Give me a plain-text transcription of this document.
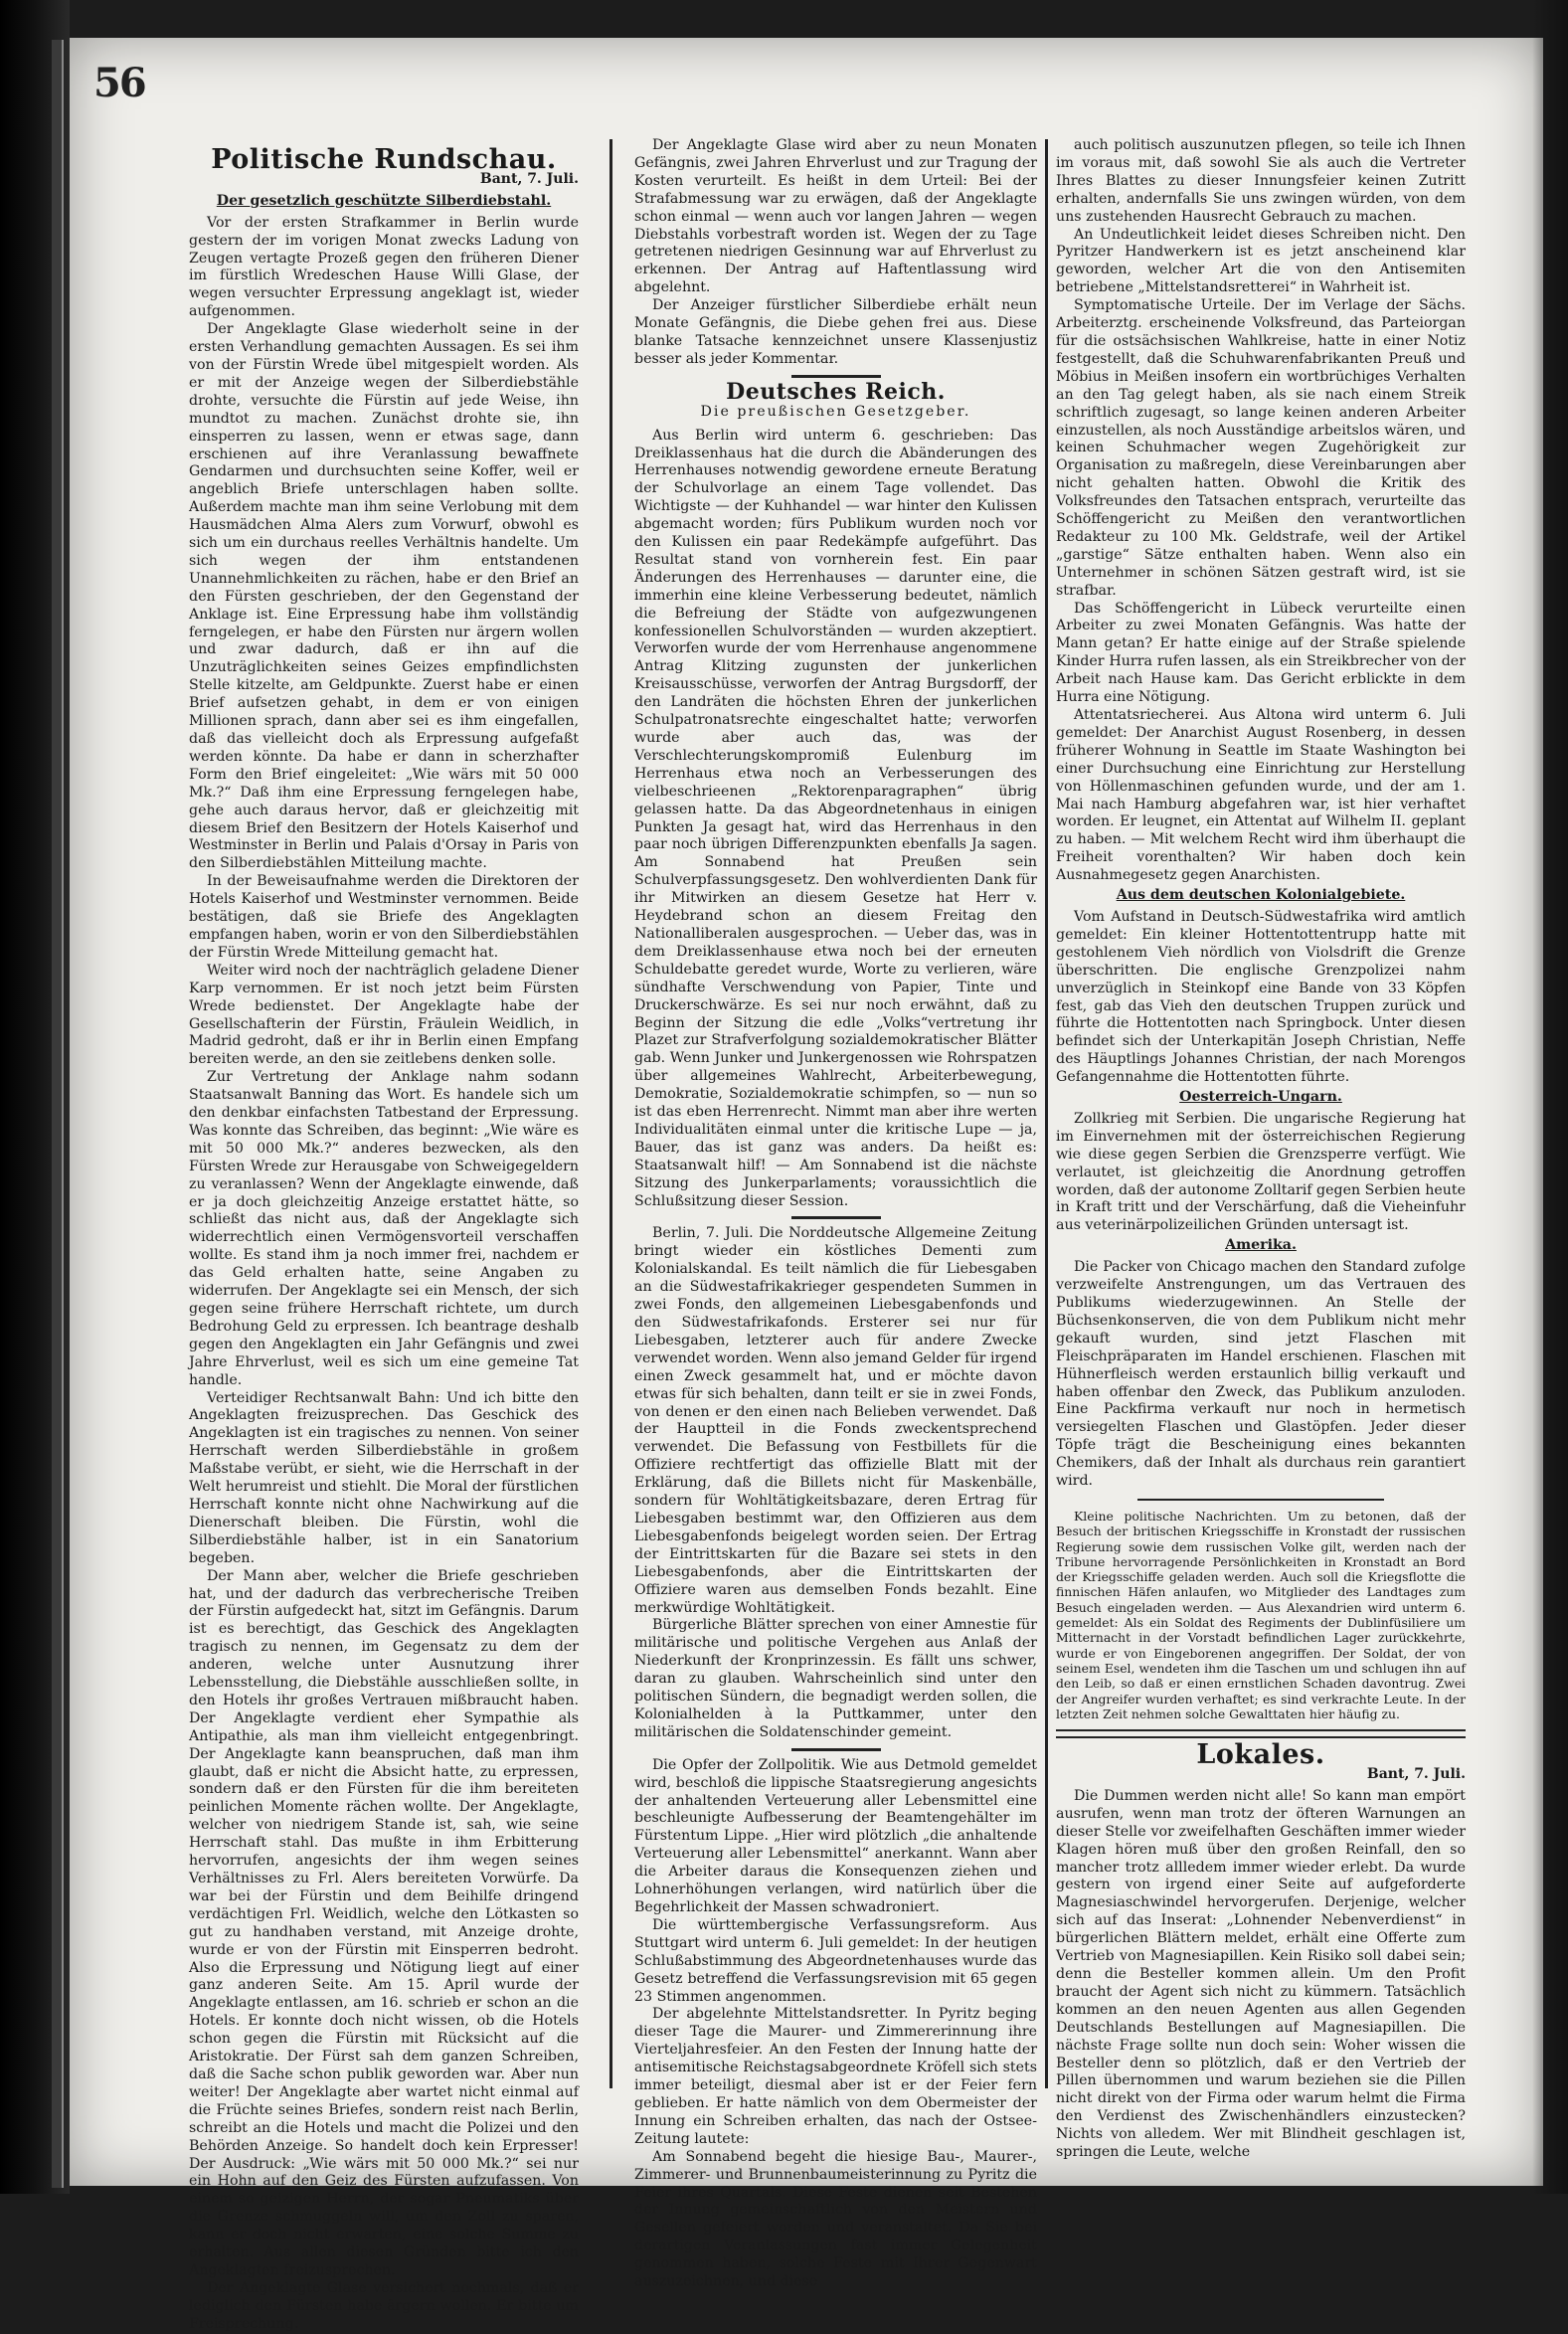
56
Politische Rundschau.
Bant, 7. Juli.
Der gesetzlich geschützte Silberdiebstahl.

Vor der ersten Strafkammer in Berlin wurde gestern der im vorigen Monat zwecks Ladung von Zeugen vertagte Prozeß gegen den früheren Diener im fürstlich Wredeschen Hause Willi Glase, der wegen versuchter Erpressung angeklagt ist, wieder aufgenommen.

Der Angeklagte Glase wiederholt seine in der ersten Verhandlung gemachten Aussagen. Es sei ihm von der Fürstin Wrede übel mitgespielt worden. Als er mit der Anzeige wegen der Silberdiebstähle drohte, versuchte die Fürstin auf jede Weise, ihn mundtot zu machen. Zunächst drohte sie, ihn einsperren zu lassen, wenn er etwas sage, dann erschienen auf ihre Veranlassung bewaffnete Gendarmen und durchsuchten seine Koffer, weil er angeblich Briefe unterschlagen haben sollte. Außerdem machte man ihm seine Verlobung mit dem Hausmädchen Alma Alers zum Vorwurf, obwohl es sich um ein durchaus reelles Verhältnis handelte. Um sich wegen der ihm entstandenen Unannehmlichkeiten zu rächen, habe er den Brief an den Fürsten geschrieben, der den Gegenstand der Anklage ist. Eine Erpressung habe ihm vollständig ferngelegen, er habe den Fürsten nur ärgern wollen und zwar dadurch, daß er ihn auf die Unzuträglichkeiten seines Geizes empfindlichsten Stelle kitzelte, am Geldpunkte. Zuerst habe er einen Brief aufsetzen gehabt, in dem er von einigen Millionen sprach, dann aber sei es ihm eingefallen, daß das vielleicht doch als Erpressung aufgefaßt werden könnte. Da habe er dann in scherzhafter Form den Brief eingeleitet: „Wie wärs mit 50 000 Mk.?“ Daß ihm eine Erpressung ferngelegen habe, gehe auch daraus hervor, daß er gleichzeitig mit diesem Brief den Besitzern der Hotels Kaiserhof und Westminster in Berlin und Palais d'Orsay in Paris von den Silberdiebstählen Mitteilung machte.

In der Beweisaufnahme werden die Direktoren der Hotels Kaiserhof und Westminster vernommen. Beide bestätigen, daß sie Briefe des Angeklagten empfangen haben, worin er von den Silberdiebstählen der Fürstin Wrede Mitteilung gemacht hat.

Weiter wird noch der nachträglich geladene Diener Karp vernommen. Er ist noch jetzt beim Fürsten Wrede bedienstet. Der Angeklagte habe der Gesellschafterin der Fürstin, Fräulein Weidlich, in Madrid gedroht, daß er ihr in Berlin einen Empfang bereiten werde, an den sie zeitlebens denken solle.

Zur Vertretung der Anklage nahm sodann Staatsanwalt Banning das Wort. Es handele sich um den denkbar einfachsten Tatbestand der Erpressung. Was konnte das Schreiben, das beginnt: „Wie wäre es mit 50 000 Mk.?“ anderes bezwecken, als den Fürsten Wrede zur Herausgabe von Schweigegeldern zu veranlassen? Wenn der Angeklagte einwende, daß er ja doch gleichzeitig Anzeige erstattet hätte, so schließt das nicht aus, daß der Angeklagte sich widerrechtlich einen Vermögensvorteil verschaffen wollte. Es stand ihm ja noch immer frei, nachdem er das Geld erhalten hatte, seine Angaben zu widerrufen. Der Angeklagte sei ein Mensch, der sich gegen seine frühere Herrschaft richtete, um durch Bedrohung Geld zu erpressen. Ich beantrage deshalb gegen den Angeklagten ein Jahr Gefängnis und zwei Jahre Ehrverlust, weil es sich um eine gemeine Tat handle.

Verteidiger Rechtsanwalt Bahn: Und ich bitte den Angeklagten freizusprechen. Das Geschick des Angeklagten ist ein tragisches zu nennen. Von seiner Herrschaft werden Silberdiebstähle in großem Maßstabe verübt, er sieht, wie die Herrschaft in der Welt herumreist und stiehlt. Die Moral der fürstlichen Herrschaft konnte nicht ohne Nachwirkung auf die Dienerschaft bleiben. Die Fürstin, wohl die Silberdiebstähle halber, ist in ein Sanatorium begeben.

Der Mann aber, welcher die Briefe geschrieben hat, und der dadurch das verbrecherische Treiben der Fürstin aufgedeckt hat, sitzt im Gefängnis. Darum ist es berechtigt, das Geschick des Angeklagten tragisch zu nennen, im Gegensatz zu dem der anderen, welche unter Ausnutzung ihrer Lebensstellung, die Diebstähle ausschließen sollte, in den Hotels ihr großes Vertrauen mißbraucht haben. Der Angeklagte verdient eher Sympathie als Antipathie, als man ihm vielleicht entgegenbringt. Der Angeklagte kann beanspruchen, daß man ihm glaubt, daß er nicht die Absicht hatte, zu erpressen, sondern daß er den Fürsten für die ihm bereiteten peinlichen Momente rächen wollte. Der Angeklagte, welcher von niedrigem Stande ist, sah, wie seine Herrschaft stahl. Das mußte in ihm Erbitterung hervorrufen, angesichts der ihm wegen seines Verhältnisses zu Frl. Alers bereiteten Vorwürfe. Da war bei der Fürstin und dem Beihilfe dringend verdächtigen Frl. Weidlich, welche den Lötkasten so gut zu handhaben verstand, mit Anzeige drohte, wurde er von der Fürstin mit Einsperren bedroht. Also die Erpressung und Nötigung liegt auf einer ganz anderen Seite. Am 15. April wurde der Angeklagte entlassen, am 16. schrieb er schon an die Hotels. Er konnte doch nicht wissen, ob die Hotels schon gegen die Fürstin mit Rücksicht auf die Aristokratie. Der Fürst sah dem ganzen Schreiben, daß die Sache schon publik geworden war. Aber nun weiter! Der Angeklagte aber wartet nicht einmal auf die Früchte seines Briefes, sondern reist nach Berlin, schreibt an die Hotels und macht die Polizei und den Behörden Anzeige. So handelt doch kein Erpresser! Der Ausdruck: „Wie wärs mit 50 000 Mk.?“ sei nur ein Hohn auf den Geiz des Fürsten aufzufassen. Von einem so geizigen Herrn, der sogar Pneumatiks über die Grenze schmuggeln will, um den Zoll zu sparen, kann er doch nicht erwarten, eine solche Summe zu erhalten. Aus allen diesen Gründen bitte ich den Angeklagten freizusprechen.

Der Angeklagte Glase versichert nochmals, daß er lediglich den Fürsten habe ärgern wollen. Er bitte um Freisprechung.

Der Angeklagte Glase wird aber zu neun Monaten Gefängnis, zwei Jahren Ehrverlust und zur Tragung der Kosten verurteilt. Es heißt in dem Urteil: Bei der Strafabmessung war zu erwägen, daß der Angeklagte schon einmal — wenn auch vor langen Jahren — wegen Diebstahls vorbestraft worden ist. Wegen der zu Tage getretenen niedrigen Gesinnung war auf Ehrverlust zu erkennen. Der Antrag auf Haftentlassung wird abgelehnt.

Der Anzeiger fürstlicher Silberdiebe erhält neun Monate Gefängnis, die Diebe gehen frei aus. Diese blanke Tatsache kennzeichnet unsere Klassenjustiz besser als jeder Kommentar.

Deutsches Reich.
Die preußischen Gesetzgeber.

Aus Berlin wird unterm 6. geschrieben: Das Dreiklassenhaus hat die durch die Abänderungen des Herrenhauses notwendig gewordene erneute Beratung der Schulvorlage an einem Tage vollendet. Das Wichtigste — der Kuhhandel — war hinter den Kulissen abgemacht worden; fürs Publikum wurden noch vor den Kulissen ein paar Redekämpfe aufgeführt. Das Resultat stand von vornherein fest. Ein paar Änderungen des Herrenhauses — darunter eine, die immerhin eine kleine Verbesserung bedeutet, nämlich die Befreiung der Städte von aufgezwungenen konfessionellen Schulvorständen — wurden akzeptiert. Verworfen wurde der vom Herrenhause angenommene Antrag Klitzing zugunsten der junkerlichen Kreisausschüsse, verworfen der Antrag Burgsdorff, der den Landräten die höchsten Ehren der junkerlichen Schulpatronatsrechte eingeschaltet hatte; verworfen wurde aber auch das, was der Verschlechterungskompromiß Eulenburg im Herrenhaus etwa noch an Verbesserungen des vielbeschrieenen „Rektorenparagraphen“ übrig gelassen hatte. Da das Abgeordnetenhaus in einigen Punkten Ja gesagt hat, wird das Herrenhaus in den paar noch übrigen Differenzpunkten ebenfalls Ja sagen. Am Sonnabend hat Preußen sein Schulverpfassungsgesetz. Den wohlverdienten Dank für ihr Mitwirken an diesem Gesetze hat Herr v. Heydebrand schon an diesem Freitag den Nationalliberalen ausgesprochen. — Ueber das, was in dem Dreiklassenhause etwa noch bei der erneuten Schuldebatte geredet wurde, Worte zu verlieren, wäre sündhafte Verschwendung von Papier, Tinte und Druckerschwärze. Es sei nur noch erwähnt, daß zu Beginn der Sitzung die edle „Volks“vertretung ihr Plazet zur Strafverfolgung sozialdemokratischer Blätter gab. Wenn Junker und Junkergenossen wie Rohrspatzen über allgemeines Wahlrecht, Arbeiterbewegung, Demokratie, Sozialdemokratie schimpfen, so — nun so ist das eben Herrenrecht. Nimmt man aber ihre werten Individualitäten einmal unter die kritische Lupe — ja, Bauer, das ist ganz was anders. Da heißt es: Staatsanwalt hilf! — Am Sonnabend ist die nächste Sitzung des Junkerparlaments; voraussichtlich die Schlußsitzung dieser Session.

Berlin, 7. Juli. Die Norddeutsche Allgemeine Zeitung bringt wieder ein köstliches Dementi zum Kolonialskandal. Es teilt nämlich die für Liebesgaben an die Südwestafrikakrieger gespendeten Summen in zwei Fonds, den allgemeinen Liebesgabenfonds und den Südwestafrikafonds. Ersterer sei nur für Liebesgaben, letzterer auch für andere Zwecke verwendet worden. Wenn also jemand Gelder für irgend einen Zweck gesammelt hat, und er möchte davon etwas für sich behalten, dann teilt er sie in zwei Fonds, von denen er den einen nach Belieben verwendet. Daß der Hauptteil in die Fonds zweckentsprechend verwendet. Die Befassung von Festbillets für die Offiziere rechtfertigt das offizielle Blatt mit der Erklärung, daß die Billets nicht für Maskenbälle, sondern für Wohltätigkeitsbazare, deren Ertrag für Liebesgaben bestimmt war, den Offizieren aus dem Liebesgabenfonds beigelegt worden seien. Der Ertrag der Eintrittskarten für die Bazare sei stets in den Liebesgabenfonds, aber die Eintrittskarten der Offiziere waren aus demselben Fonds bezahlt. Eine merkwürdige Wohltätigkeit.

Bürgerliche Blätter sprechen von einer Amnestie für militärische und politische Vergehen aus Anlaß der Niederkunft der Kronprinzessin. Es fällt uns schwer, daran zu glauben. Wahrscheinlich sind unter den politischen Sündern, die begnadigt werden sollen, die Kolonialhelden à la Puttkammer, unter den militärischen die Soldatenschinder gemeint.

Die Opfer der Zollpolitik. Wie aus Detmold gemeldet wird, beschloß die lippische Staatsregierung angesichts der anhaltenden Verteuerung aller Lebensmittel eine beschleunigte Aufbesserung der Beamtengehälter im Fürstentum Lippe. „Hier wird plötzlich „die anhaltende Verteuerung aller Lebensmittel“ anerkannt. Wann aber die Arbeiter daraus die Konsequenzen ziehen und Lohnerhöhungen verlangen, wird natürlich über die Begehrlichkeit der Massen schwadroniert.

Die württembergische Verfassungsreform. Aus Stuttgart wird unterm 6. Juli gemeldet: In der heutigen Schlußabstimmung des Abgeordnetenhauses wurde das Gesetz betreffend die Verfassungsrevision mit 65 gegen 23 Stimmen angenommen.

Der abgelehnte Mittelstandsretter. In Pyritz beging dieser Tage die Maurer- und Zimmererinnung ihre Vierteljahresfeier. An den Festen der Innung hatte der antisemitische Reichstagsabgeordnete Kröfell sich stets immer beteiligt, diesmal aber ist er der Feier fern geblieben. Er hatte nämlich von dem Obermeister der Innung ein Schreiben erhalten, das nach der Ostsee-Zeitung lautete:

Am Sonnabend begeht die hiesige Bau-, Maurer-, Zimmerer- und Brunnenbaumeisterinnung zu Pyritz die Feier ihres Quartals. Diese Feste dienen seit Bestehen der Innung gemeinschaftlich von den Meistern und Gesellen gefeiert worden und veranstaltet. Da Sie bei derartigen Veranlassungen fast immer Gelegenheit genommen haben, solche Feste mit Ihrer Gegenwart auszuzeichnen, und diese

auch politisch auszunutzen pflegen, so teile ich Ihnen im voraus mit, daß sowohl Sie als auch die Vertreter Ihres Blattes zu dieser Innungsfeier keinen Zutritt erhalten, andernfalls Sie uns zwingen würden, von dem uns zustehenden Hausrecht Gebrauch zu machen.

An Undeutlichkeit leidet dieses Schreiben nicht. Den Pyritzer Handwerkern ist es jetzt anscheinend klar geworden, welcher Art die von den Antisemiten betriebene „Mittelstandsretterei“ in Wahrheit ist.

Symptomatische Urteile. Der im Verlage der Sächs. Arbeiterztg. erscheinende Volksfreund, das Parteiorgan für die ostsächsischen Wahlkreise, hatte in einer Notiz festgestellt, daß die Schuhwarenfabrikanten Preuß und Möbius in Meißen insofern ein wortbrüchiges Verhalten an den Tag gelegt haben, als sie nach einem Streik schriftlich zugesagt, so lange keinen anderen Arbeiter einzustellen, als noch Ausständige arbeitslos wären, und keinen Schuhmacher wegen Zugehörigkeit zur Organisation zu maßregeln, diese Vereinbarungen aber nicht gehalten hatten. Obwohl die Kritik des Volksfreundes den Tatsachen entsprach, verurteilte das Schöffengericht zu Meißen den verantwortlichen Redakteur zu 100 Mk. Geldstrafe, weil der Artikel „garstige“ Sätze enthalten haben. Wenn also ein Unternehmer in schönen Sätzen gestraft wird, ist sie strafbar.

Das Schöffengericht in Lübeck verurteilte einen Arbeiter zu zwei Monaten Gefängnis. Was hatte der Mann getan? Er hatte einige auf der Straße spielende Kinder Hurra rufen lassen, als ein Streikbrecher von der Arbeit nach Hause kam. Das Gericht erblickte in dem Hurra eine Nötigung.

Attentatsriecherei. Aus Altona wird unterm 6. Juli gemeldet: Der Anarchist August Rosenberg, in dessen früherer Wohnung in Seattle im Staate Washington bei einer Durchsuchung eine Einrichtung zur Herstellung von Höllenmaschinen gefunden wurde, und der am 1. Mai nach Hamburg abgefahren war, ist hier verhaftet worden. Er leugnet, ein Attentat auf Wilhelm II. geplant zu haben. — Mit welchem Recht wird ihm überhaupt die Freiheit vorenthalten? Wir haben doch kein Ausnahmegesetz gegen Anarchisten.

Aus dem deutschen Kolonialgebiete.

Vom Aufstand in Deutsch-Südwestafrika wird amtlich gemeldet: Ein kleiner Hottentottentrupp hatte mit gestohlenem Vieh nördlich von Violsdrift die Grenze überschritten. Die englische Grenzpolizei nahm unverzüglich in Steinkopf eine Bande von 33 Köpfen fest, gab das Vieh den deutschen Truppen zurück und führte die Hottentotten nach Springbock. Unter diesen befindet sich der Unterkapitän Joseph Christian, Neffe des Häuptlings Johannes Christian, der nach Morengos Gefangennahme die Hottentotten führte.

Oesterreich-Ungarn.

Zollkrieg mit Serbien. Die ungarische Regierung hat im Einvernehmen mit der österreichischen Regierung wie diese gegen Serbien die Grenzsperre verfügt. Wie verlautet, ist gleichzeitig die Anordnung getroffen worden, daß der autonome Zolltarif gegen Serbien heute in Kraft tritt und der Verschärfung, daß die Vieheinfuhr aus veterinärpolizeilichen Gründen untersagt ist.

Amerika.

Die Packer von Chicago machen den Standard zufolge verzweifelte Anstrengungen, um das Vertrauen des Publikums wiederzugewinnen. An Stelle der Büchsenkonserven, die von dem Publikum nicht mehr gekauft wurden, sind jetzt Flaschen mit Fleischpräparaten im Handel erschienen. Flaschen mit Hühnerfleisch werden erstaunlich billig verkauft und haben offenbar den Zweck, das Publikum anzuloden. Eine Packfirma verkauft nur noch in hermetisch versiegelten Flaschen und Glastöpfen. Jeder dieser Töpfe trägt die Bescheinigung eines bekannten Chemikers, daß der Inhalt als durchaus rein garantiert wird.

Kleine politische Nachrichten. Um zu betonen, daß der Besuch der britischen Kriegsschiffe in Kronstadt der russischen Regierung sowie dem russischen Volke gilt, werden nach der Tribune hervorragende Persönlichkeiten in Kronstadt an Bord der Kriegsschiffe geladen werden. Auch soll die Kriegsflotte die finnischen Häfen anlaufen, wo Mitglieder des Landtages zum Besuch eingeladen werden. — Aus Alexandrien wird unterm 6. gemeldet: Als ein Soldat des Regiments der Dublinfüsiliere um Mitternacht in der Vorstadt befindlichen Lager zurückkehrte, wurde er von Eingeborenen angegriffen. Der Soldat, der von seinem Esel, wendeten ihm die Taschen um und schlugen ihn auf den Leib, so daß er einen ernstlichen Schaden davontrug. Zwei der Angreifer wurden verhaftet; es sind verkrachte Leute. In der letzten Zeit nehmen solche Gewalttaten hier häufig zu.

Lokales.
Bant, 7. Juli.

Die Dummen werden nicht alle! So kann man empört ausrufen, wenn man trotz der öfteren Warnungen an dieser Stelle vor zweifelhaften Geschäften immer wieder Klagen hören muß über den großen Reinfall, den so mancher trotz allledem immer wieder erlebt. Da wurde gestern von irgend einer Seite auf aufgeforderte Magnesiaschwindel hervorgerufen. Derjenige, welcher sich auf das Inserat: „Lohnender Nebenverdienst“ in bürgerlichen Blättern meldet, erhält eine Offerte zum Vertrieb von Magnesiapillen. Kein Risiko soll dabei sein; denn die Besteller kommen allein. Um den Profit braucht der Agent sich nicht zu kümmern. Tatsächlich kommen an den neuen Agenten aus allen Gegenden Deutschlands Bestellungen auf Magnesiapillen. Die nächste Frage sollte nun doch sein: Woher wissen die Besteller denn so plötzlich, daß er den Vertrieb der Pillen übernommen und warum beziehen sie die Pillen nicht direkt von der Firma oder warum helmt die Firma den Verdienst des Zwischenhändlers einzustecken? Nichts von alledem. Wer mit Blindheit geschlagen ist, springen die Leute, welche
